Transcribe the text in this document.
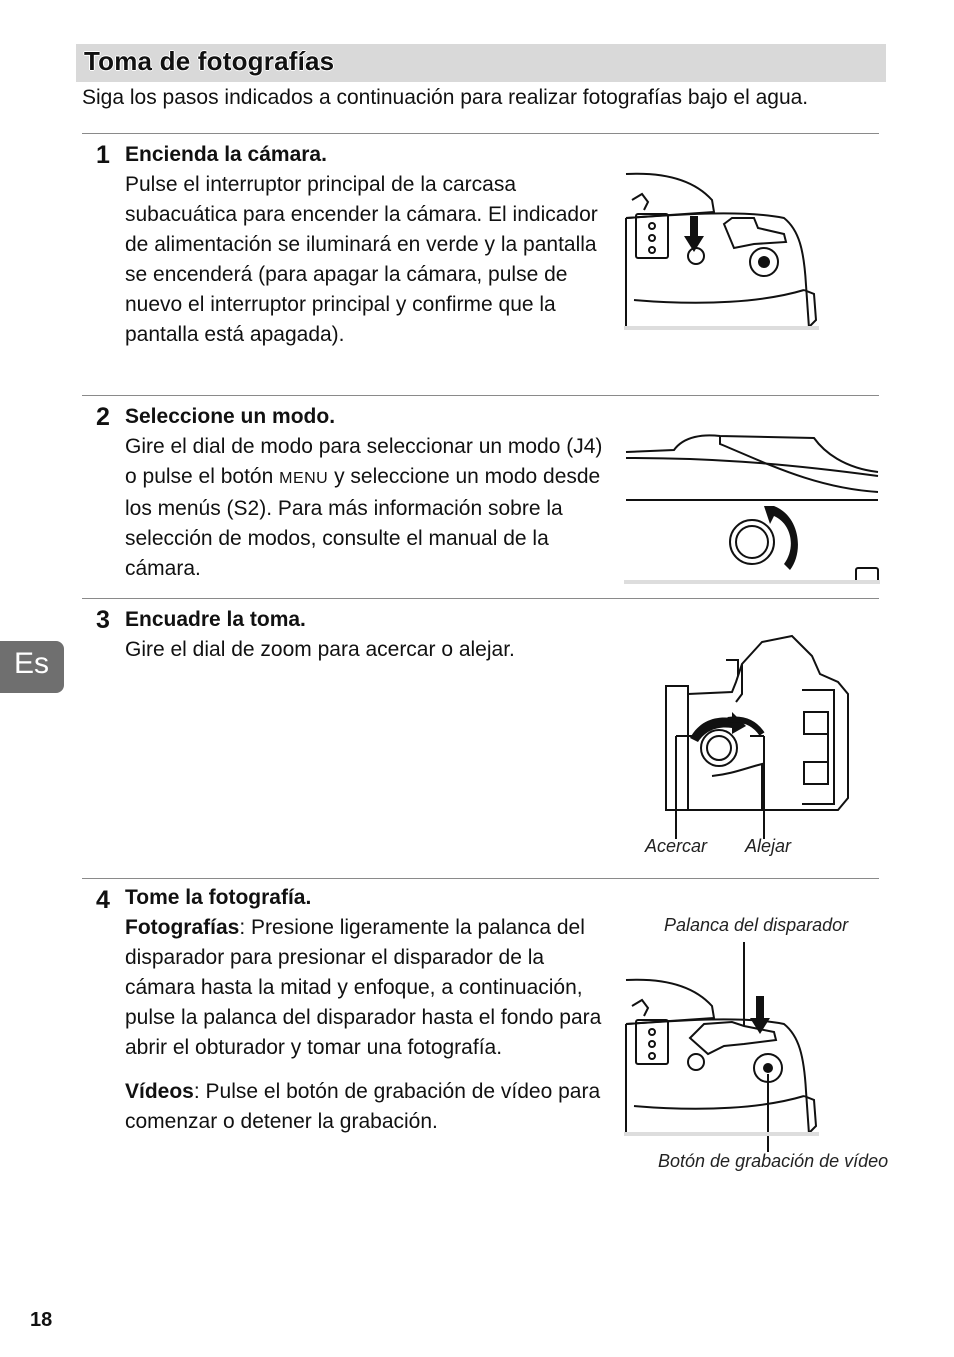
Toma de fotografías
Siga los pasos indicados a continuación para realizar fotografías bajo el agua.
1 Encienda la cámara.

Pulse el interruptor principal de la carcasa subacuática para encender la cámara. El indicador de alimentación se iluminará en verde y la pantalla se encenderá (para apagar la cámara, pulse de nuevo el interruptor principal y confirme que la pantalla está apagada).

2 Seleccione un modo.

Gire el dial de modo para seleccionar un modo (J4) o pulse el botón MENU y seleccione un modo desde los menús (S2). Para más información sobre la selección de modos, consulte el manual de la cámara.

3 Encuadre la toma.

Gire el dial de zoom para acercar o alejar.

Acercar Alejar
4 Tome la fotografía.

Fotografías: Presione ligeramente la palanca del disparador para presionar el disparador de la cámara hasta la mitad y enfoque, a continuación, pulse la palanca del disparador hasta el fondo para abrir el obturador y tomar una fotografía.

Vídeos: Pulse el botón de grabación de vídeo para comenzar o detener la grabación.

Palanca del disparador
Botón de grabación de vídeo
Es
18
